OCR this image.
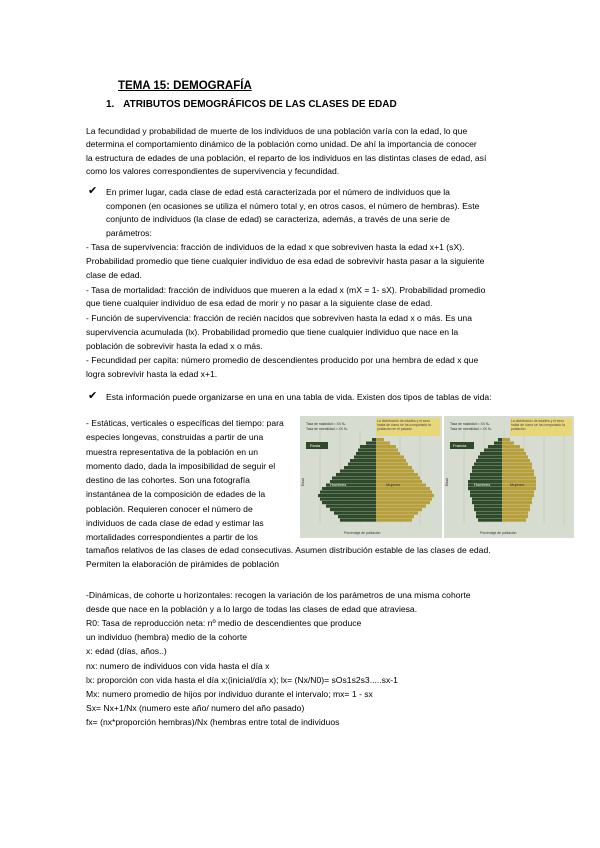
TEMA 15: DEMOGRAFÍA

1. ATRIBUTOS DEMOGRÁFICOS DE LAS CLASES DE EDAD

La fecundidad y probabilidad de muerte de los individuos de una población varía con la edad, lo que

determina el comportamiento dinámico de la población como unidad. De ahí la importancia de conocer

la estructura de edades de una población, el reparto de los individuos en las distintas clases de edad, así

como los valores correspondientes de supervivencia y fecundidad.

✔ En primer lugar, cada clase de edad está caracterizada por el número de individuos que la

componen (en ocasiones se utiliza el número total y, en otros casos, el número de hembras). Este

conjunto de individuos (la clase de edad) se caracteriza, además, a través de una serie de

parámetros:

- Tasa de supervivencia: fracción de individuos de la edad x que sobreviven hasta la edad x+1 (sX).

Probabilidad promedio que tiene cualquier individuo de esa edad de sobrevivir hasta pasar a la siguiente

clase de edad.

- Tasa de mortalidad: fracción de individuos que mueren a la edad x (mX = 1- sX). Probabilidad promedio

que tiene cualquier individuo de esa edad de morir y no pasar a la siguiente clase de edad.

- Función de supervivencia: fracción de recién nacidos que sobreviven hasta la edad x o más. Es una

supervivencia acumulada (lx). Probabilidad promedio que tiene cualquier individuo que nace en la

población de sobrevivir hasta la edad x o más.

- Fecundidad per capita: número promedio de descendientes producido por una hembra de edad x que

logra sobrevivir hasta la edad x+1.

✔ Esta información puede organizarse en una en una tabla de vida. Existen dos tipos de tablas de vida:

- Estáticas, verticales o específicas del tiempo: para

especies longevas, construidas a partir de una

muestra representativa de la población en un

momento dado, dada la imposibilidad de seguir el

destino de las cohortes. Son una fotografía

instantánea de la composición de edades de la

población. Requieren conocer el número de

individuos de cada clase de edad y estimar las

mortalidades correspondientes a partir de los

tamaños relativos de las clases de edad consecutivas. Asumen distribución estable de las clases de edad.

Permiten la elaboración de pirámides de población

Tasa de natalidad = XX ‰
Tasa de mortalidad = XX ‰
La distribución de edades y el sexo habla de cómo se ha comportado la población en el pasado
Rusia
Hombres	Mujeres
Edad
Porcentaje de población
Tasa de natalidad = XX ‰
Tasa de mortalidad = XX ‰
La distribución de edades y el sexo habla de cómo se ha comportado la población
Francia
Hombres	Mujeres
Edad
Porcentaje de población

-Dinámicas, de cohorte u horizontales: recogen la variación de los parámetros de una misma cohorte

desde que nace en la población y a lo largo de todas las clases de edad que atraviesa.

R0: Tasa de reproducción neta: nº medio de descendientes que produce

un individuo (hembra) medio de la cohorte

x: edad (días, años..)

nx: numero de individuos con vida hasta el día x

lx: proporción con vida hasta el día x;(inicial/día x); lx= (Nx/N0)= sOs1s2s3.....sx-1

Mx: numero promedio de hijos por individuo durante el intervalo; mx= 1 - sx

Sx= Nx+1/Nx (numero este año/ numero del año pasado)

fx= (nx*proporción hembras)/Nx (hembras entre total de individuos
